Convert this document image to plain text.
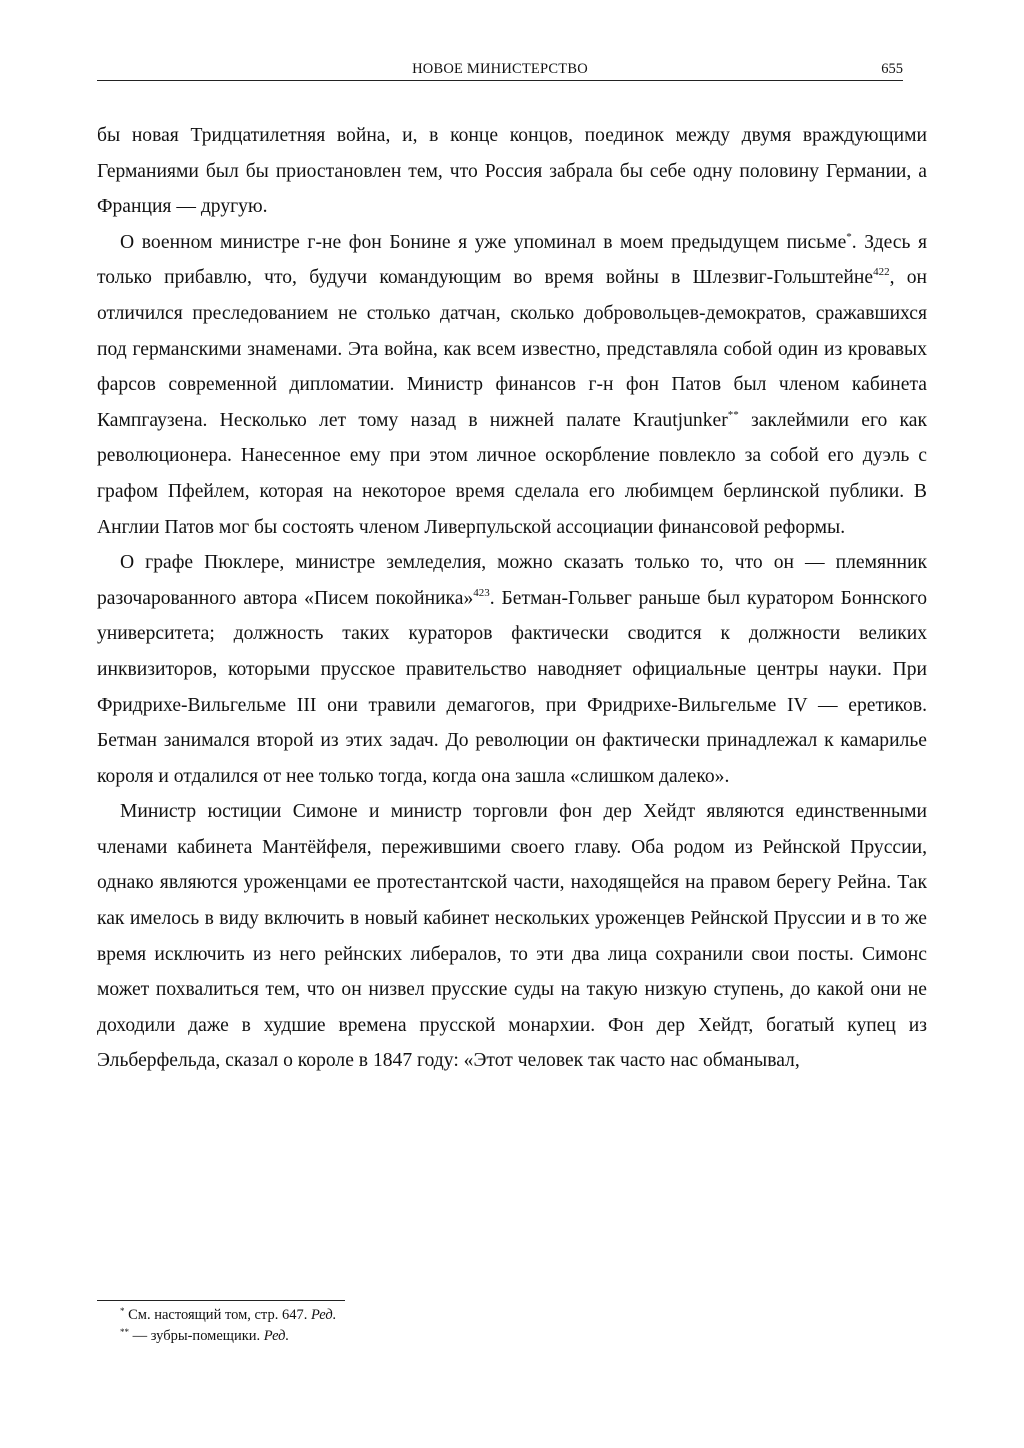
НОВОЕ МИНИСТЕРСТВО	655

бы новая Тридцатилетняя война, и, в конце концов, поединок между двумя враждующими Германиями был бы приостановлен тем, что Россия забрала бы себе одну половину Германии, а Франция — другую.

О военном министре г-не фон Бонине я уже упоминал в моем предыдущем письме*. Здесь я только прибавлю, что, будучи командующим во время войны в Шлезвиг-Гольштейне$^{422}$, он отличился преследованием не столько датчан, сколько добровольцев-демократов, сражавшихся под германскими знаменами. Эта война, как всем известно, представляла собой один из кровавых фарсов современной дипломатии. Министр финансов г-н фон Патов был членом кабинета Кампгаузена. Несколько лет тому назад в нижней палате Krautjunker** заклеймили его как революционера. Нанесенное ему при этом личное оскорбление повлекло за собой его дуэль с графом Пфейлем, которая на некоторое время сделала его любимцем берлинской публики. В Англии Патов мог бы состоять членом Ливерпульской ассоциации финансовой реформы.

О графе Пюклере, министре земледелия, можно сказать только то, что он — племянник разочарованного автора «Писем покойника»$^{423}$. Бетман-Гольвег раньше был куратором Боннского университета; должность таких кураторов фактически сводится к должности великих инквизиторов, которыми прусское правительство наводняет официальные центры науки. При Фридрихе-Вильгельме III они травили демагогов, при Фридрихе-Вильгельме IV — еретиков. Бетман занимался второй из этих задач. До революции он фактически принадлежал к камарилье короля и отдалился от нее только тогда, когда она зашла «слишком далеко».

Министр юстиции Симоне и министр торговли фон дер Хейдт являются единственными членами кабинета Мантёйфеля, пережившими своего главу. Оба родом из Рейнской Пруссии, однако являются уроженцами ее протестантской части, находящейся на правом берегу Рейна. Так как имелось в виду включить в новый кабинет нескольких уроженцев Рейнской Пруссии и в то же время исключить из него рейнских либералов, то эти два лица сохранили свои посты. Симонс может похвалиться тем, что он низвел прусские суды на такую низкую ступень, до какой они не доходили даже в худшие времена прусской монархии. Фон дер Хейдт, богатый купец из Эльберфельда, сказал о короле в 1847 году: «Этот человек так часто нас обманывал,

* См. настоящий том, стр. 647. Ред.

** — зубры-помещики. Ред.
